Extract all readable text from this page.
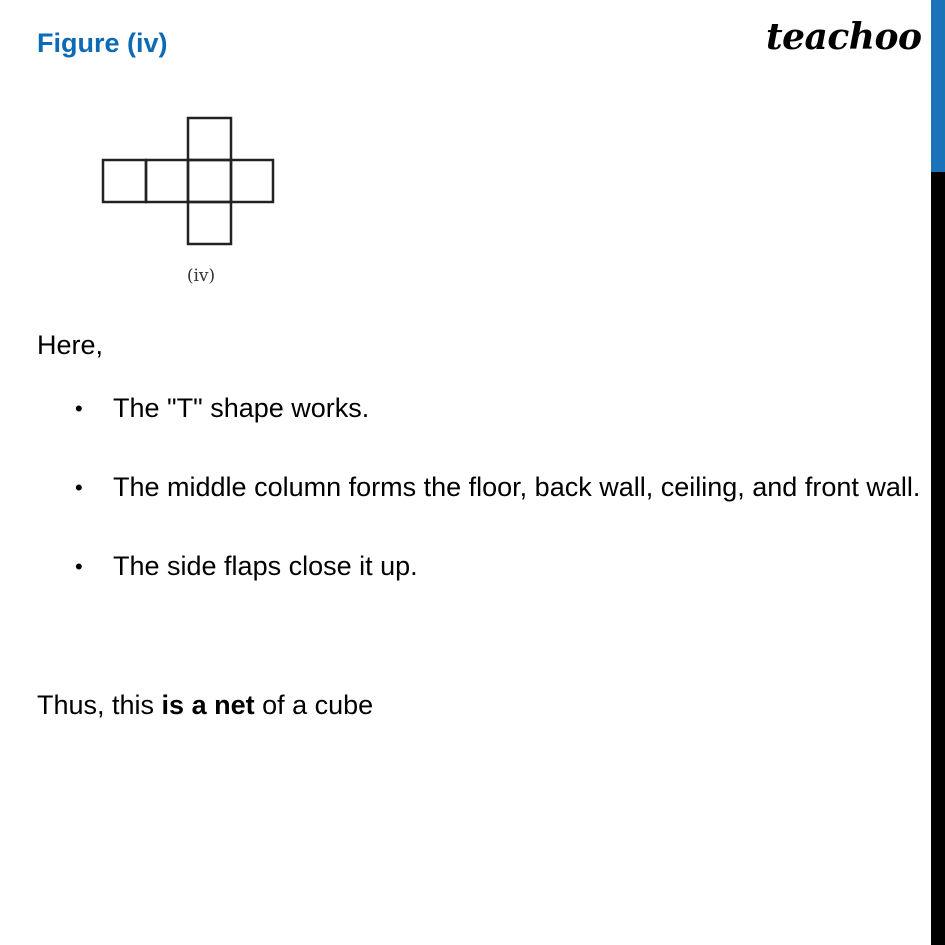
Figure (iv)	teachoo
(iv)
Here,
• The "T" shape works.
• The middle column forms the floor, back wall, ceiling, and front wall.
• The side flaps close it up.
Thus, this is a net of a cube
